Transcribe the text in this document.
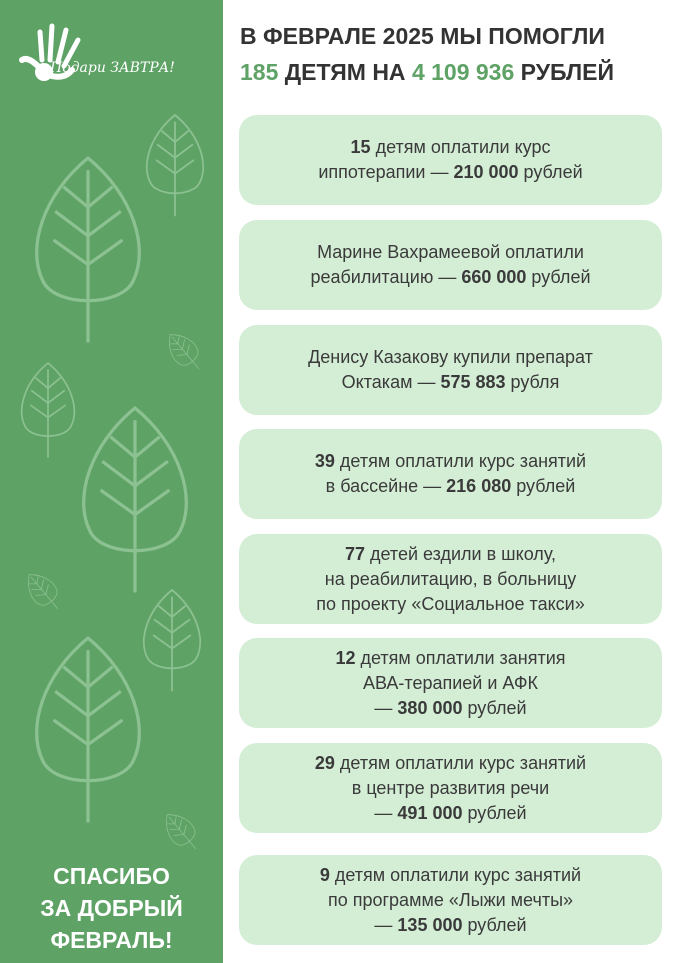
Подари ЗАВТРА!
СПАСИБО
ЗА ДОБРЫЙ
ФЕВРАЛЬ!
В ФЕВРАЛЕ 2025 МЫ ПОМОГЛИ
185 ДЕТЯМ НА 4 109 936 РУБЛЕЙ
15 детям оплатили курс
иппотерапии — 210 000 рублей
Марине Вахрамеевой оплатили
реабилитацию — 660 000 рублей
Денису Казакову купили препарат
Октакам — 575 883 рубля
39 детям оплатили курс занятий
в бассейне — 216 080 рублей
77 детей ездили в школу,
на реабилитацию, в больницу
по проекту «Социальное такси»
12 детям оплатили занятия
АВА-терапией и АФК
— 380 000 рублей
29 детям оплатили курс занятий
в центре развития речи
— 491 000 рублей
9 детям оплатили курс занятий
по программе «Лыжи мечты»
— 135 000 рублей
